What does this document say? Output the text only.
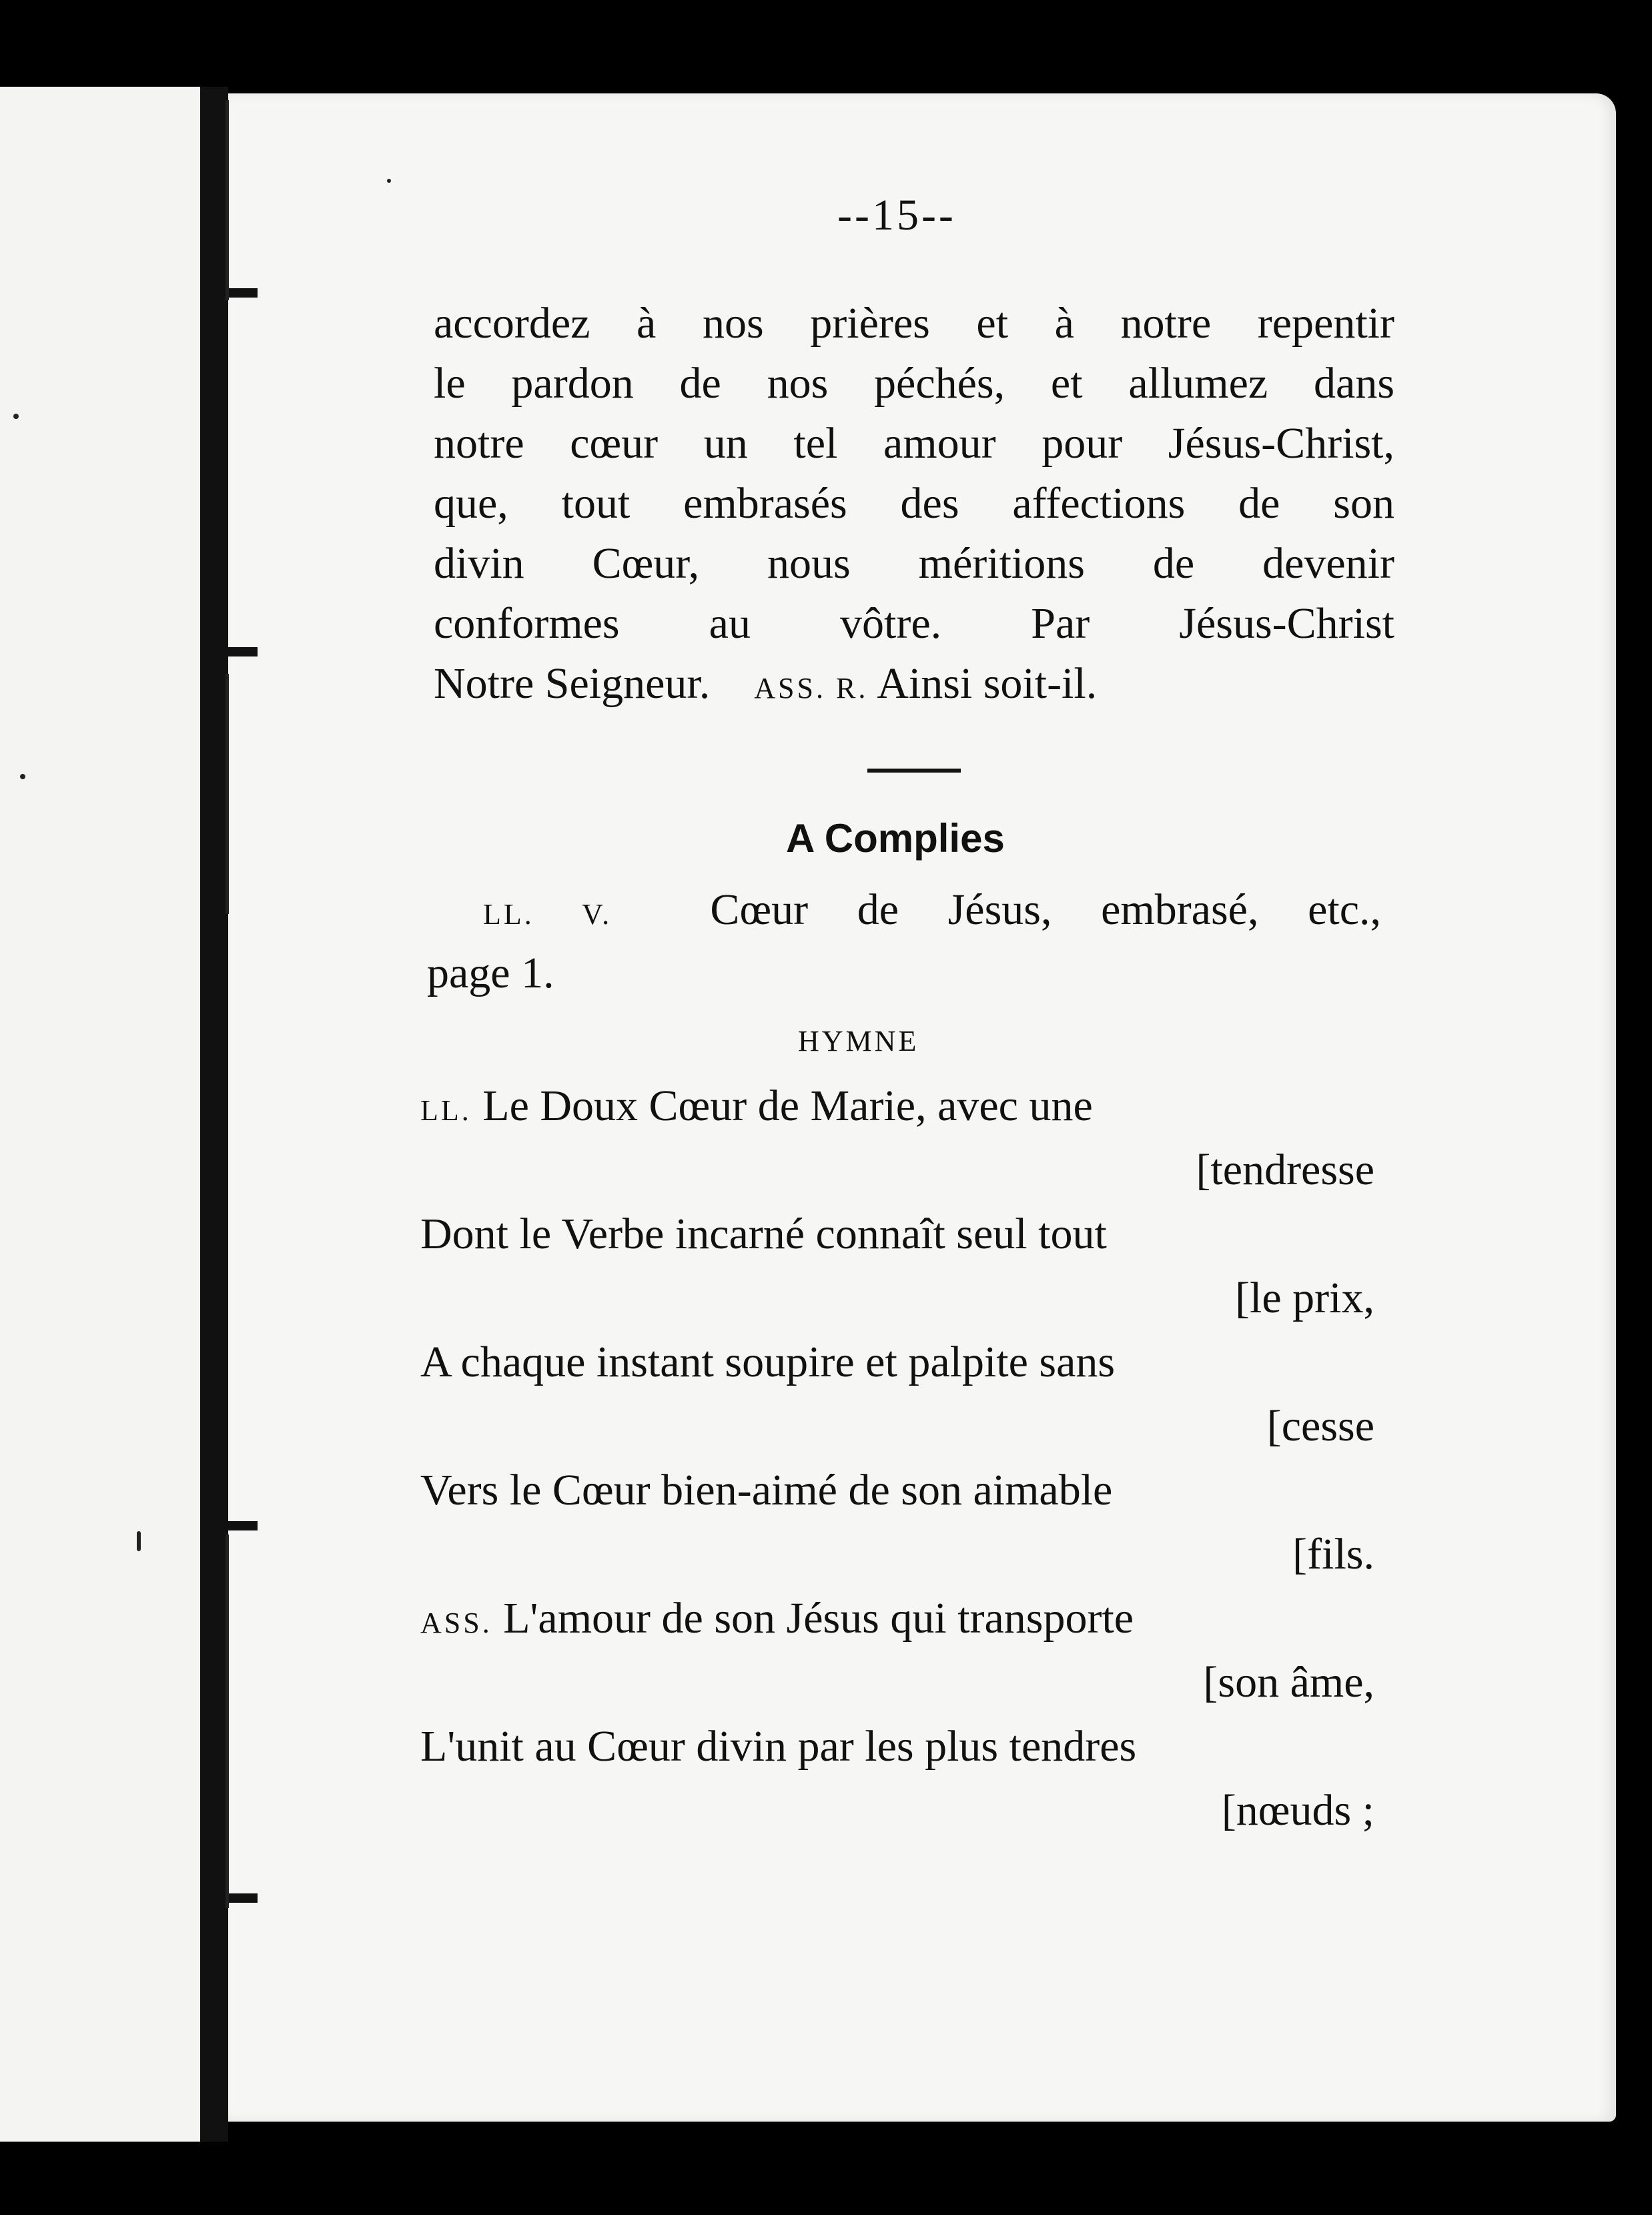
--15--
accordez à nos prières et à notre repentir
le pardon de nos péchés, et allumez dans
notre cœur un tel amour pour Jésus-Christ,
que, tout embrasés des affections de son
divin Cœur, nous méritions de devenir
conformes au vôtre. Par Jésus-Christ
Notre Seigneur. ASS. R. Ainsi soit-il.
A Complies
LL. V. Cœur de Jésus, embrasé, etc.,
page 1.
HYMNE
LL. Le Doux Cœur de Marie, avec une
[tendresse
Dont le Verbe incarné connaît seul tout
[le prix,
A chaque instant soupire et palpite sans
[cesse
Vers le Cœur bien-aimé de son aimable
[fils.
ASS. L'amour de son Jésus qui transporte
[son âme,
L'unit au Cœur divin par les plus tendres
[nœuds ;
